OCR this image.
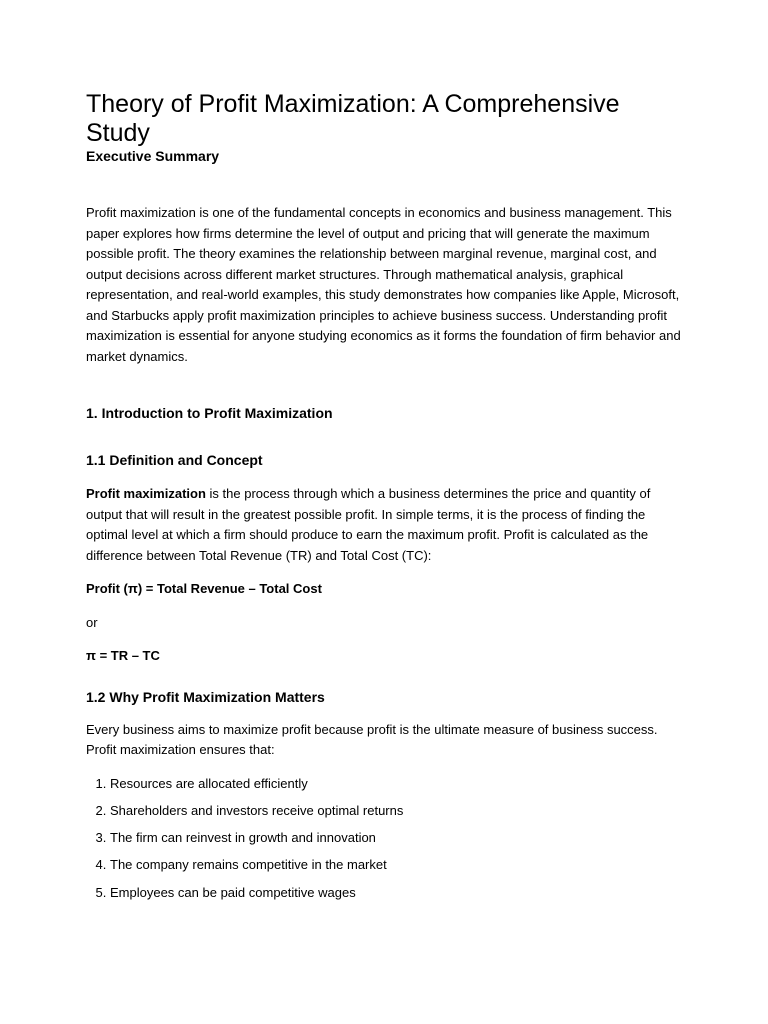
Theory of Profit Maximization: A Comprehensive Study
Executive Summary

Profit maximization is one of the fundamental concepts in economics and business management. This paper explores how firms determine the level of output and pricing that will generate the maximum possible profit. The theory examines the relationship between marginal revenue, marginal cost, and output decisions across different market structures. Through mathematical analysis, graphical representation, and real-world examples, this study demonstrates how companies like Apple, Microsoft, and Starbucks apply profit maximization principles to achieve business success. Understanding profit maximization is essential for anyone studying economics as it forms the foundation of firm behavior and market dynamics.

1. Introduction to Profit Maximization
1.1 Definition and Concept

Profit maximization is the process through which a business determines the price and quantity of output that will result in the greatest possible profit. In simple terms, it is the process of finding the optimal level at which a firm should produce to earn the maximum profit. Profit is calculated as the difference between Total Revenue (TR) and Total Cost (TC):

Profit (π) = Total Revenue – Total Cost

or

π = TR – TC

1.2 Why Profit Maximization Matters

Every business aims to maximize profit because profit is the ultimate measure of business success. Profit maximization ensures that:

1. Resources are allocated efficiently
2. Shareholders and investors receive optimal returns
3. The firm can reinvest in growth and innovation
4. The company remains competitive in the market
5. Employees can be paid competitive wages
